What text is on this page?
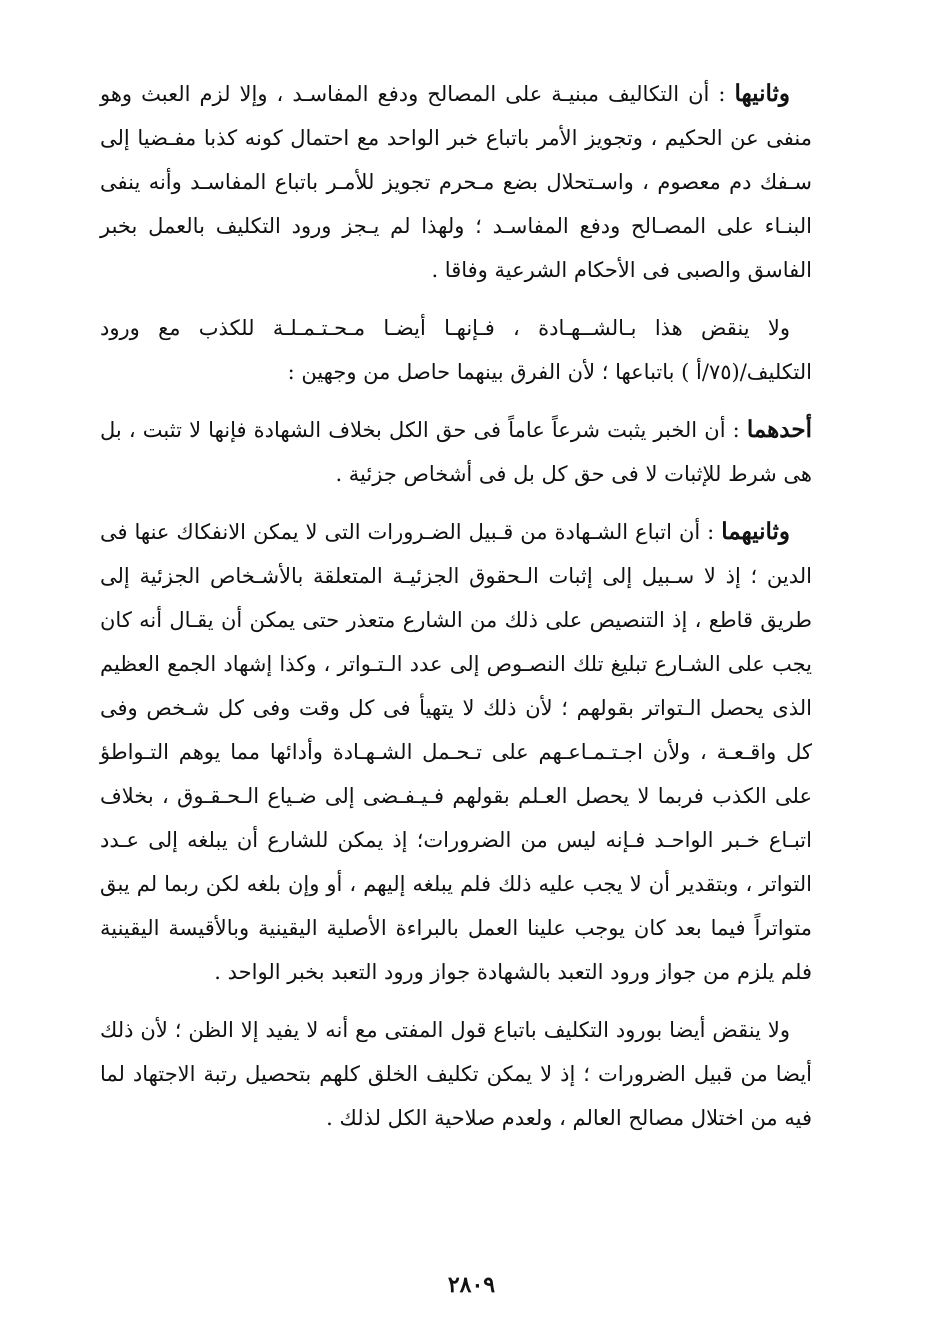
وثانيها : أن التكاليف مبنيـة على المصالح ودفع المفاسـد ، وإلا لزم العبث وهو منفى عن الحكيم ، وتجويز الأمر باتباع خبر الواحد مع احتمال كونه كذبا مفـضيا إلى سـفك دم معصوم ، واسـتحلال بضع مـحرم تجويز للأمـر باتباع المفاسـد وأنه ينفى البنـاء على المصـالح ودفع المفاسـد ؛ ولهذا لم يـجز ورود التكليف بالعمل بخبر الفاسق والصبى فى الأحكام الشرعية وفاقا .

ولا ينقض هذا بـالشــهـادة ، فـإنهـا أيضـا مـحـتـمـلـة للكذب مع ورود التكليف/(٧٥/أ ) باتباعها ؛ لأن الفرق بينهما حاصل من وجهين :

أحدهما : أن الخبر يثبت شرعاً عاماً فى حق الكل بخلاف الشهادة فإنها لا تثبت ، بل هى شرط للإثبات لا فى حق كل بل فى أشخاص جزئية .

وثانيهما : أن اتباع الشـهادة من قـبيل الضـرورات التى لا يمكن الانفكاك عنها فى الدين ؛ إذ لا سـبيل إلى إثبات الـحقوق الجزئيـة المتعلقة بالأشـخاص الجزئية إلى طريق قاطع ، إذ التنصيص على ذلك من الشارع متعذر حتى يمكن أن يقـال أنه كان يجب على الشـارع تبليغ تلك النصـوص إلى عدد الـتـواتر ، وكذا إشهاد الجمع العظيم الذى يحصل الـتواتر بقولهم ؛ لأن ذلك لا يتهيأ فى كل وقت وفى كل شـخص وفى كل واقـعـة ، ولأن اجـتـمـاعـهم على تـحـمل الشـهـادة وأدائها مما يوهم التـواطؤ على الكذب فربما لا يحصل العـلم بقولهم فـيـفـضى إلى ضـياع الـحـقـوق ، بخلاف اتبـاع خـبر الواحـد فـإنه ليس من الضرورات؛ إذ يمكن للشارع أن يبلغه إلى عـدد التواتر ، وبتقدير أن لا يجب عليه ذلك فلم يبلغه إليهم ، أو وإن بلغه لكن ربما لم يبق متواتراً فيما بعد كان يوجب علينا العمل بالبراءة الأصلية اليقينية وبالأقيسة اليقينية فلم يلزم من جواز ورود التعبد بالشهادة جواز ورود التعبد بخبر الواحد .

ولا ينقض أيضا بورود التكليف باتباع قول المفتى مع أنه لا يفيد إلا الظن ؛ لأن ذلك أيضا من قبيل الضرورات ؛ إذ لا يمكن تكليف الخلق كلهم بتحصيل رتبة الاجتهاد لما فيه من اختلال مصالح العالم ، ولعدم صلاحية الكل لذلك .

٢٨٠٩
